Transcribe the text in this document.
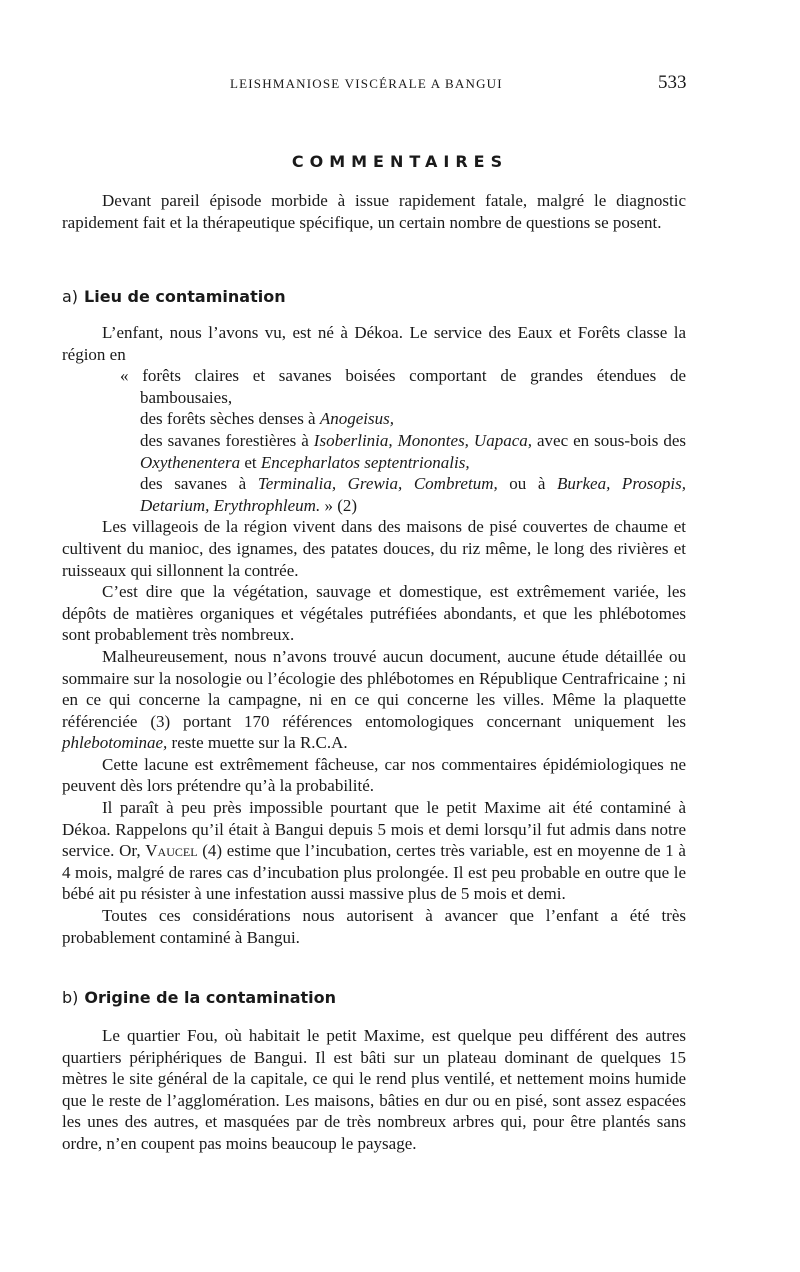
LEISHMANIOSE VISCÉRALE A BANGUI	533
COMMENTAIRES

Devant pareil épisode morbide à issue rapidement fatale, malgré le diagnostic rapidement fait et la thérapeutique spécifique, un certain nombre de questions se posent.

a) Lieu de contamination

L’enfant, nous l’avons vu, est né à Dékoa. Le service des Eaux et Forêts classe la région en

« forêts claires et savanes boisées comportant de grandes étendues de bambousaies,

des forêts sèches denses à Anogeisus,

des savanes forestières à Isoberlinia, Monontes, Uapaca, avec en sous-bois des Oxythenentera et Encepharlatos septentrionalis,

des savanes à Terminalia, Grewia, Combretum, ou à Burkea, Prosopis, Detarium, Erythrophleum. » (2)

Les villageois de la région vivent dans des maisons de pisé couvertes de chaume et cultivent du manioc, des ignames, des patates douces, du riz même, le long des rivières et ruisseaux qui sillonnent la contrée.

C’est dire que la végétation, sauvage et domestique, est extrêmement variée, les dépôts de matières organiques et végétales putréfiées abondants, et que les phlébotomes sont probablement très nombreux.

Malheureusement, nous n’avons trouvé aucun document, aucune étude détaillée ou sommaire sur la nosologie ou l’écologie des phlébotomes en République Centrafricaine ; ni en ce qui concerne la campagne, ni en ce qui concerne les villes. Même la plaquette référenciée (3) portant 170 références entomologiques concernant uniquement les phlebotominae, reste muette sur la R.C.A.

Cette lacune est extrêmement fâcheuse, car nos commentaires épidémiologiques ne peuvent dès lors prétendre qu’à la probabilité.

Il paraît à peu près impossible pourtant que le petit Maxime ait été contaminé à Dékoa. Rappelons qu’il était à Bangui depuis 5 mois et demi lorsqu’il fut admis dans notre service. Or, Vaucel (4) estime que l’incubation, certes très variable, est en moyenne de 1 à 4 mois, malgré de rares cas d’incubation plus prolongée. Il est peu probable en outre que le bébé ait pu résister à une infestation aussi massive plus de 5 mois et demi.

Toutes ces considérations nous autorisent à avancer que l’enfant a été très probablement contaminé à Bangui.

b) Origine de la contamination

Le quartier Fou, où habitait le petit Maxime, est quelque peu différent des autres quartiers périphériques de Bangui. Il est bâti sur un plateau dominant de quelques 15 mètres le site général de la capitale, ce qui le rend plus ventilé, et nettement moins humide que le reste de l’agglomération. Les maisons, bâties en dur ou en pisé, sont assez espacées les unes des autres, et masquées par de très nombreux arbres qui, pour être plantés sans ordre, n’en coupent pas moins beaucoup le paysage.
